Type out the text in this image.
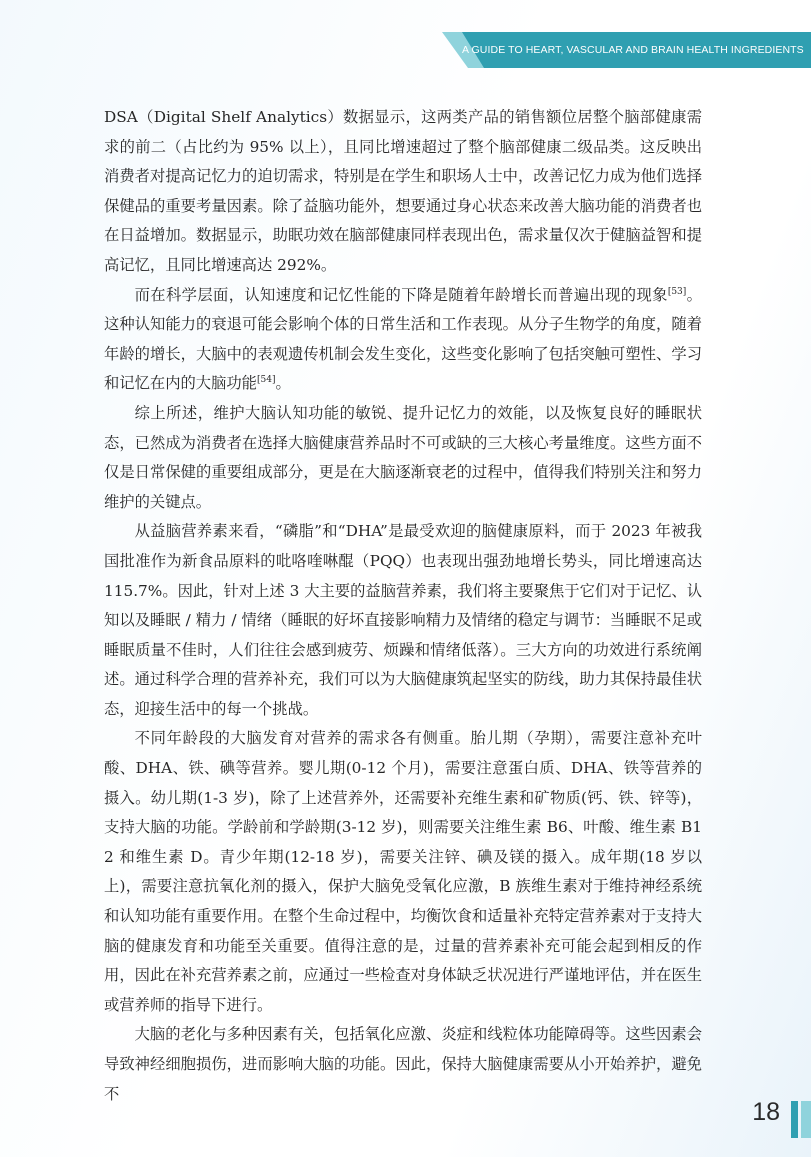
A GUIDE TO HEART, VASCULAR AND BRAIN HEALTH INGREDIENTS

DSA（Digital Shelf Analytics）数据显示，这两类产品的销售额位居整个脑部健康需求的前二（占比约为 95% 以上），且同比增速超过了整个脑部健康二级品类。这反映出消费者对提高记忆力的迫切需求，特别是在学生和职场人士中，改善记忆力成为他们选择保健品的重要考量因素。除了益脑功能外，想要通过身心状态来改善大脑功能的消费者也在日益增加。数据显示，助眠功效在脑部健康同样表现出色，需求量仅次于健脑益智和提高记忆，且同比增速高达 292%。

而在科学层面，认知速度和记忆性能的下降是随着年龄增长而普遍出现的现象[53]。这种认知能力的衰退可能会影响个体的日常生活和工作表现。从分子生物学的角度，随着年龄的增长，大脑中的表观遗传机制会发生变化，这些变化影响了包括突触可塑性、学习和记忆在内的大脑功能[54]。

综上所述，维护大脑认知功能的敏锐、提升记忆力的效能，以及恢复良好的睡眠状态，已然成为消费者在选择大脑健康营养品时不可或缺的三大核心考量维度。这些方面不仅是日常保健的重要组成部分，更是在大脑逐渐衰老的过程中，值得我们特别关注和努力维护的关键点。

从益脑营养素来看，“磷脂”和“DHA”是最受欢迎的脑健康原料，而于 2023 年被我国批准作为新食品原料的吡咯喹啉醌（PQQ）也表现出强劲地增长势头，同比增速高达 115.7%。因此，针对上述 3 大主要的益脑营养素，我们将主要聚焦于它们对于记忆、认知以及睡眠 / 精力 / 情绪（睡眠的好坏直接影响精力及情绪的稳定与调节：当睡眠不足或睡眠质量不佳时，人们往往会感到疲劳、烦躁和情绪低落）。三大方向的功效进行系统阐述。通过科学合理的营养补充，我们可以为大脑健康筑起坚实的防线，助力其保持最佳状态，迎接生活中的每一个挑战。

不同年龄段的大脑发育对营养的需求各有侧重。胎儿期（孕期），需要注意补充叶酸、DHA、铁、碘等营养。婴儿期(0-12 个月)，需要注意蛋白质、DHA、铁等营养的摄入。幼儿期(1-3 岁)，除了上述营养外，还需要补充维生素和矿物质(钙、铁、锌等)，支持大脑的功能。学龄前和学龄期(3-12 岁)，则需要关注维生素 B6、叶酸、维生素 B12 和维生素 D。青少年期(12-18 岁)，需要关注锌、碘及镁的摄入。成年期(18 岁以上)，需要注意抗氧化剂的摄入，保护大脑免受氧化应激，B 族维生素对于维持神经系统和认知功能有重要作用。在整个生命过程中，均衡饮食和适量补充特定营养素对于支持大脑的健康发育和功能至关重要。值得注意的是，过量的营养素补充可能会起到相反的作用，因此在补充营养素之前，应通过一些检查对身体缺乏状况进行严谨地评估，并在医生或营养师的指导下进行。

大脑的老化与多种因素有关，包括氧化应激、炎症和线粒体功能障碍等。这些因素会导致神经细胞损伤，进而影响大脑的功能。因此，保持大脑健康需要从小开始养护，避免不

18
